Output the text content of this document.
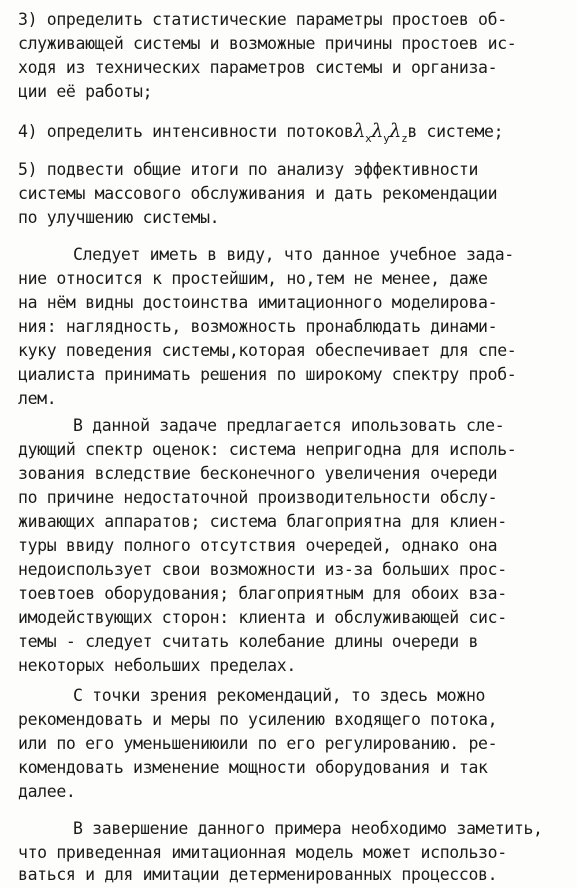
3) определить статистические параметры простоев об-
служивающей системы и возможные причины простоев ис-
ходя из технических параметров системы и организа-
ции её работы;
4) определить интенсивности $потоков\lambda_x\lambda_y\lambda_zв$ системе;
5) подвести общие итоги по анализу эффективности
системы массового обслуживания и дать рекомендации
по улучшению системы.
Следует иметь в виду, что данное учебное зада-
ние относится к простейшим, но,тем не менее, даже
на нём видны достоинства имитационного моделирова-
ния: наглядность, возможность пронаблюдать динами-
куку поведения системы,которая обеспечивает для спе-
циалиста принимать решения по широкому спектру проб-
лем.
В данной задаче предлагается ипользовать сле-
дующий спектр оценок: система непригодна для исполь-
зования вследствие бесконечного увеличения очереди
по причине недостаточной производительности обслу-
живающих аппаратов; система благоприятна для клиен-
туры ввиду полного отсутствия очередей, однако она
недоиспользует свои возможности из-за больших прос-
тоевтоев оборудования; благоприятным для обоих вза-
имодействующих сторон: клиента и обслуживающей сис-
темы - следует считать колебание длины очереди в
некоторых небольших пределах.
С точки зрения рекомендаций, то здесь можно
рекомендовать и меры по усилению входящего потока,
или по его уменьшениюили по его регулированию. ре-
комендовать изменение мощности оборудования и так
далее.
В завершение данного примера необходимо заметить,
что приведенная имитационная модель может использо-
ваться и для имитации детерменированных процессов.
